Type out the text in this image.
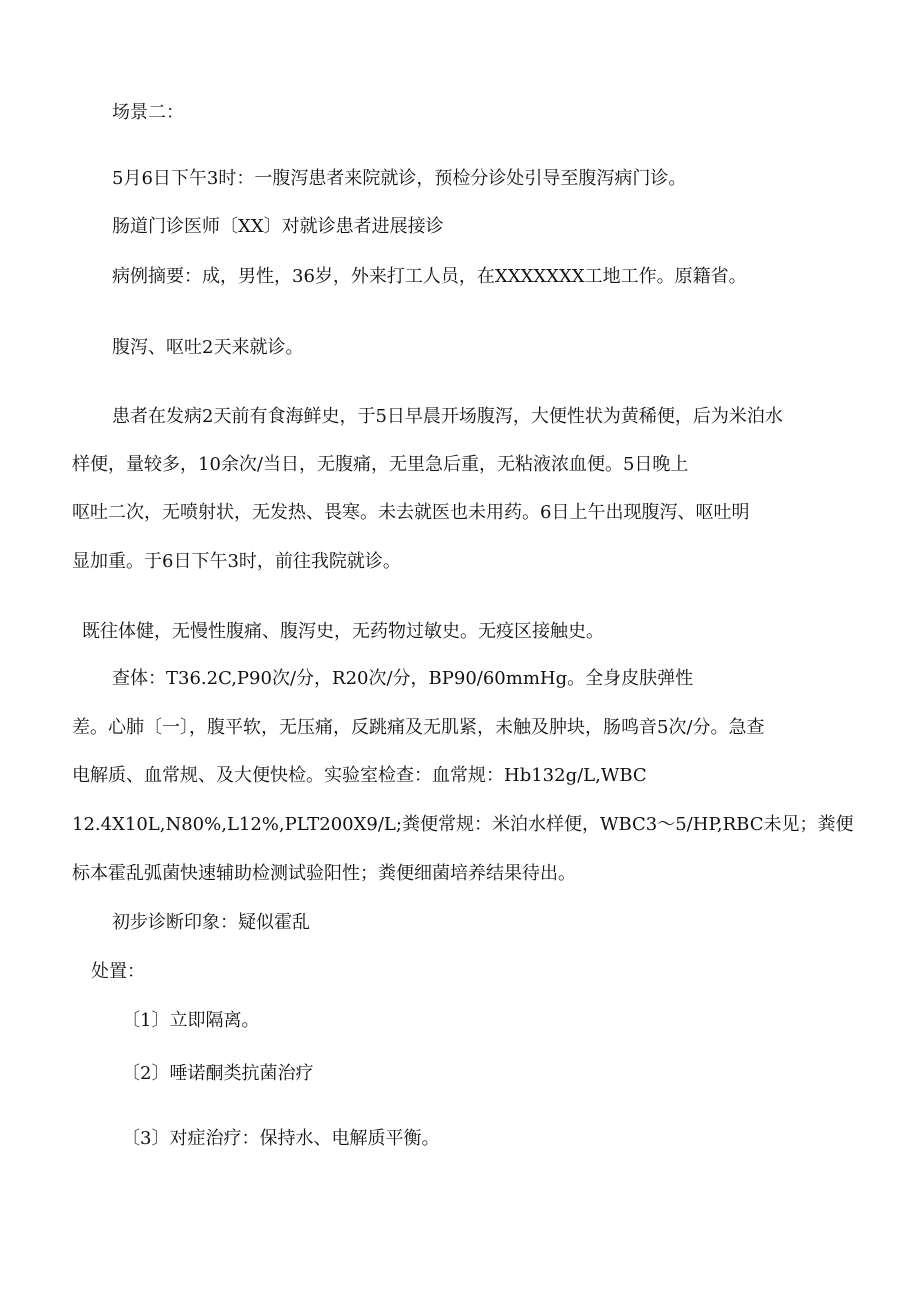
场景二：
5月6日下午3时：一腹泻患者来院就诊，预检分诊处引导至腹泻病门诊。
肠道门诊医师〔XX〕对就诊患者进展接诊
病例摘要：成，男性，36岁，外来打工人员，在XXXXXXX工地工作。原籍省。
腹泻、呕吐2天来就诊。
患者在发病2天前有食海鲜史，于5日早晨开场腹泻，大便性状为黄稀便，后为米泊水
样便，量较多，10余次/当日，无腹痛，无里急后重，无粘液浓血便。5日晚上
呕吐二次，无喷射状，无发热、畏寒。未去就医也未用药。6日上午出现腹泻、呕吐明
显加重。于6日下午3时，前往我院就诊。
既往体健，无慢性腹痛、腹泻史，无药物过敏史。无疫区接触史。
查体：T36.2C,P90次/分，R20次/分，BP90/60mmHg。全身皮肤弹性
差。心肺〔一〕，腹平软，无压痛，反跳痛及无肌紧，未触及肿块，肠鸣音5次/分。急查
电解质、血常规、及大便快检。实验室检查：血常规：Hb132g/L,WBC
12.4X10L,N80%,L12%,PLT200X9/L;粪便常规：米泊水样便，WBC3～5/HP,RBC未见；粪便
标本霍乱弧菌快速辅助检测试验阳性；粪便细菌培养结果待出。
初步诊断印象：疑似霍乱
处置：
〔1〕立即隔离。
〔2〕唾诺酮类抗菌治疗
〔3〕对症治疗：保持水、电解质平衡。
